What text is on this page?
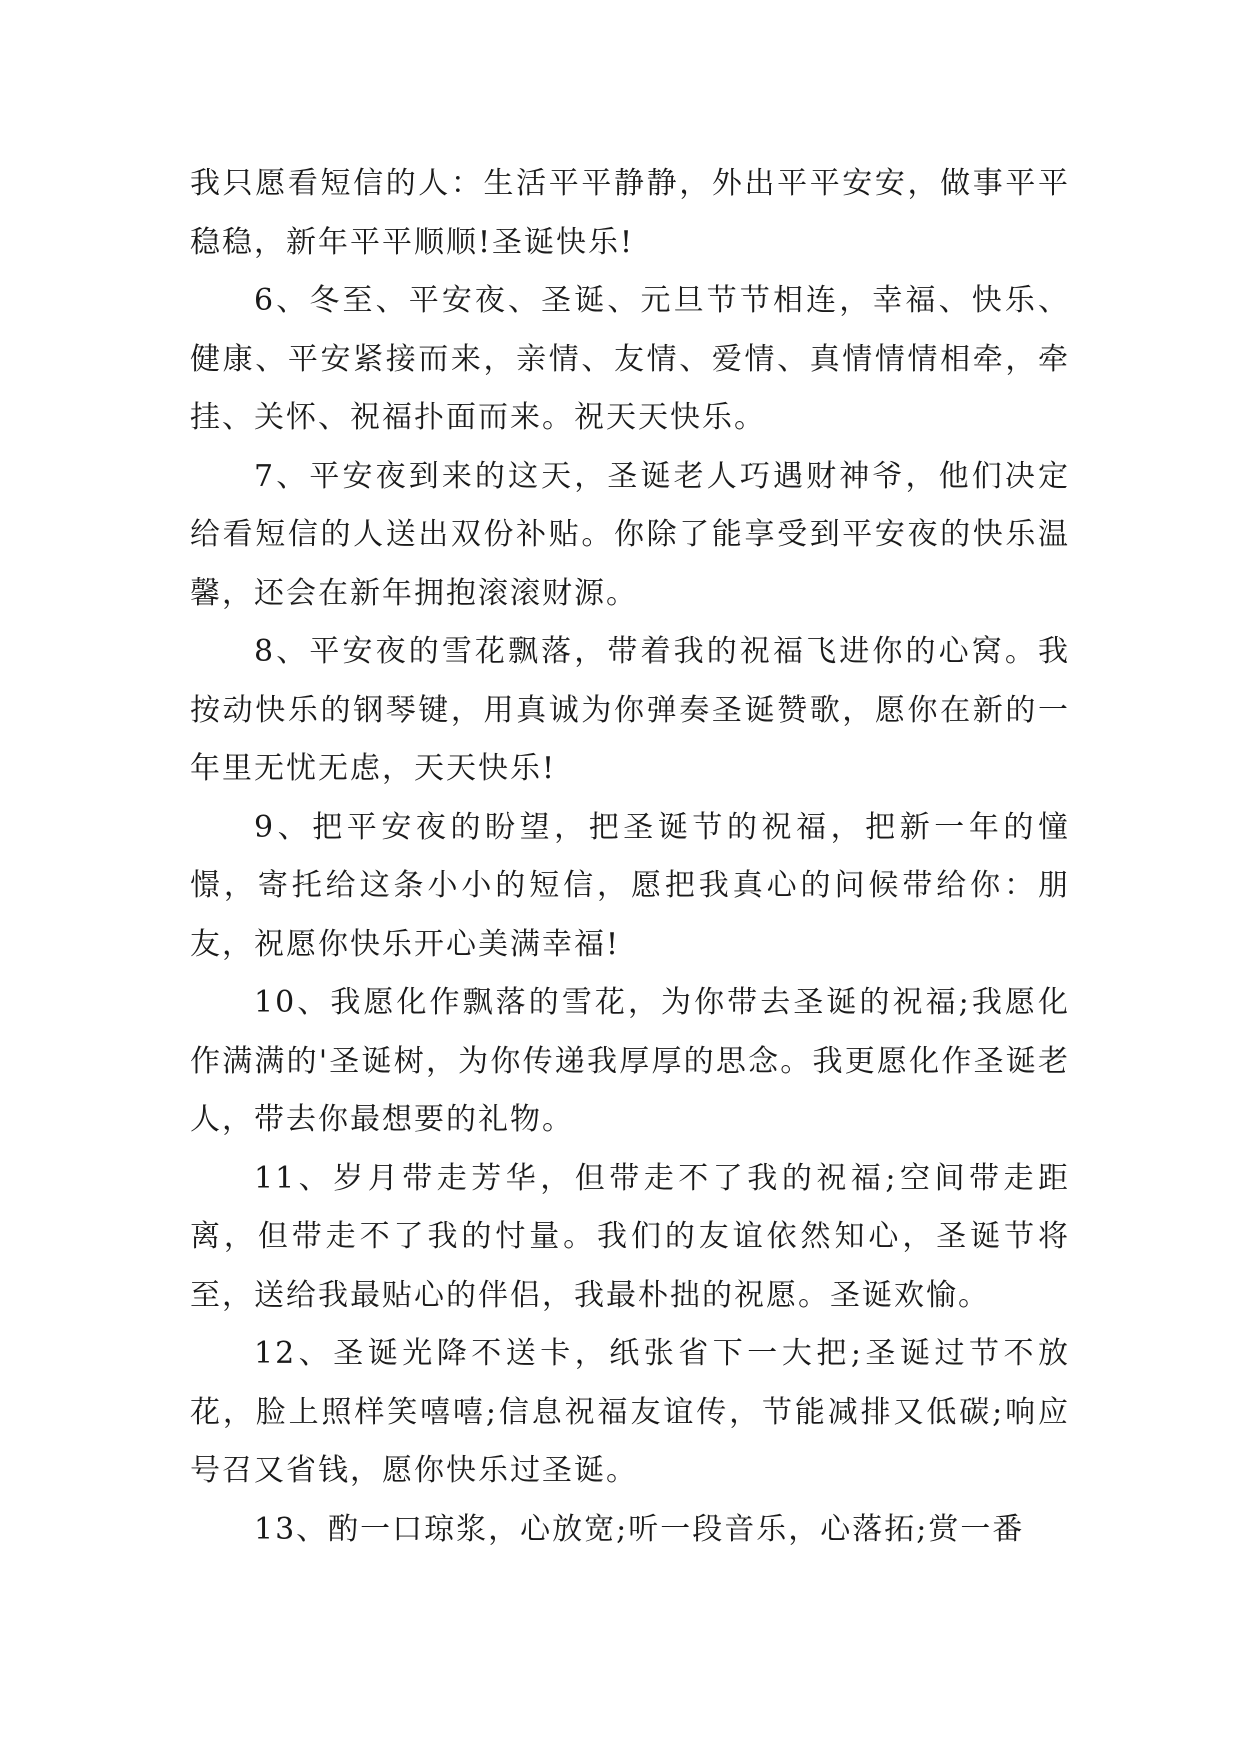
我只愿看短信的人：生活平平静静，外出平平安安，做事平平稳稳，新年平平顺顺!圣诞快乐!

6、冬至、平安夜、圣诞、元旦节节相连，幸福、快乐、健康、平安紧接而来，亲情、友情、爱情、真情情情相牵，牵挂、关怀、祝福扑面而来。祝天天快乐。

7、平安夜到来的这天，圣诞老人巧遇财神爷，他们决定给看短信的人送出双份补贴。你除了能享受到平安夜的快乐温馨，还会在新年拥抱滚滚财源。

8、平安夜的雪花飘落，带着我的祝福飞进你的心窝。我按动快乐的钢琴键，用真诚为你弹奏圣诞赞歌，愿你在新的一年里无忧无虑，天天快乐!

9、把平安夜的盼望，把圣诞节的祝福，把新一年的憧憬，寄托给这条小小的短信，愿把我真心的问候带给你：朋友，祝愿你快乐开心美满幸福!

10、我愿化作飘落的雪花，为你带去圣诞的祝福;我愿化作满满的'圣诞树，为你传递我厚厚的思念。我更愿化作圣诞老人，带去你最想要的礼物。

11、岁月带走芳华，但带走不了我的祝福;空间带走距离，但带走不了我的忖量。我们的友谊依然知心，圣诞节将至，送给我最贴心的伴侣，我最朴拙的祝愿。圣诞欢愉。

12、圣诞光降不送卡，纸张省下一大把;圣诞过节不放花，脸上照样笑嘻嘻;信息祝福友谊传，节能减排又低碳;响应号召又省钱，愿你快乐过圣诞。

13、酌一口琼浆，心放宽;听一段音乐，心落拓;赏一番
